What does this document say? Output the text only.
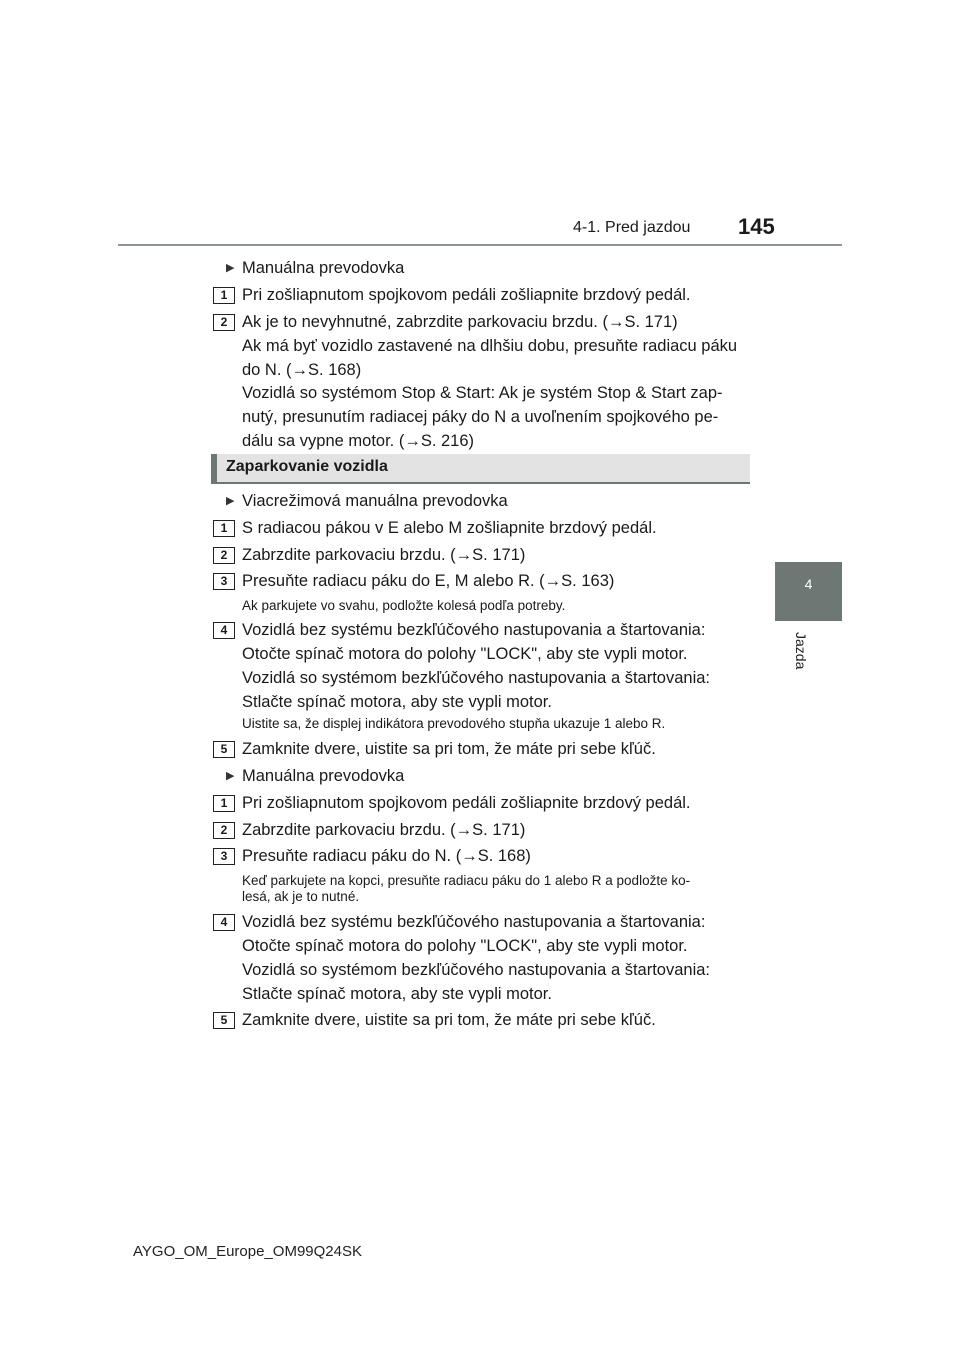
4-1. Pred jazdou 145
4
Jazda
Zaparkovanie vozidla
▶ Manuálna prevodovka
1 Pri zošliapnutom spojkovom pedáli zošliapnite brzdový pedál.
2 Ak je to nevyhnutné, zabrzdite parkovaciu brzdu. (→S. 171)
Ak má byť vozidlo zastavené na dlhšiu dobu, presuňte radiacu páku
do N. (→S. 168)
Vozidlá so systémom Stop & Start: Ak je systém Stop & Start zap-
nutý, presunutím radiacej páky do N a uvoľnením spojkového pe-
dálu sa vypne motor. (→S. 216)
▶ Viacrežimová manuálna prevodovka
1 S radiacou pákou v E alebo M zošliapnite brzdový pedál.
2 Zabrzdite parkovaciu brzdu. (→S. 171)
3 Presuňte radiacu páku do E, M alebo R. (→S. 163)
Ak parkujete vo svahu, podložte kolesá podľa potreby.
4 Vozidlá bez systému bezkľúčového nastupovania a štartovania:
Otočte spínač motora do polohy "LOCK", aby ste vypli motor.
Vozidlá so systémom bezkľúčového nastupovania a štartovania:
Stlačte spínač motora, aby ste vypli motor.
Uistite sa, že displej indikátora prevodového stupňa ukazuje 1 alebo R.
5 Zamknite dvere, uistite sa pri tom, že máte pri sebe kľúč.
▶ Manuálna prevodovka
1 Pri zošliapnutom spojkovom pedáli zošliapnite brzdový pedál.
2 Zabrzdite parkovaciu brzdu. (→S. 171)
3 Presuňte radiacu páku do N. (→S. 168)
Keď parkujete na kopci, presuňte radiacu páku do 1 alebo R a podložte ko-
lesá, ak je to nutné.
4 Vozidlá bez systému bezkľúčového nastupovania a štartovania:
Otočte spínač motora do polohy "LOCK", aby ste vypli motor.
Vozidlá so systémom bezkľúčového nastupovania a štartovania:
Stlačte spínač motora, aby ste vypli motor.
5 Zamknite dvere, uistite sa pri tom, že máte pri sebe kľúč.
AYGO_OM_Europe_OM99Q24SK
